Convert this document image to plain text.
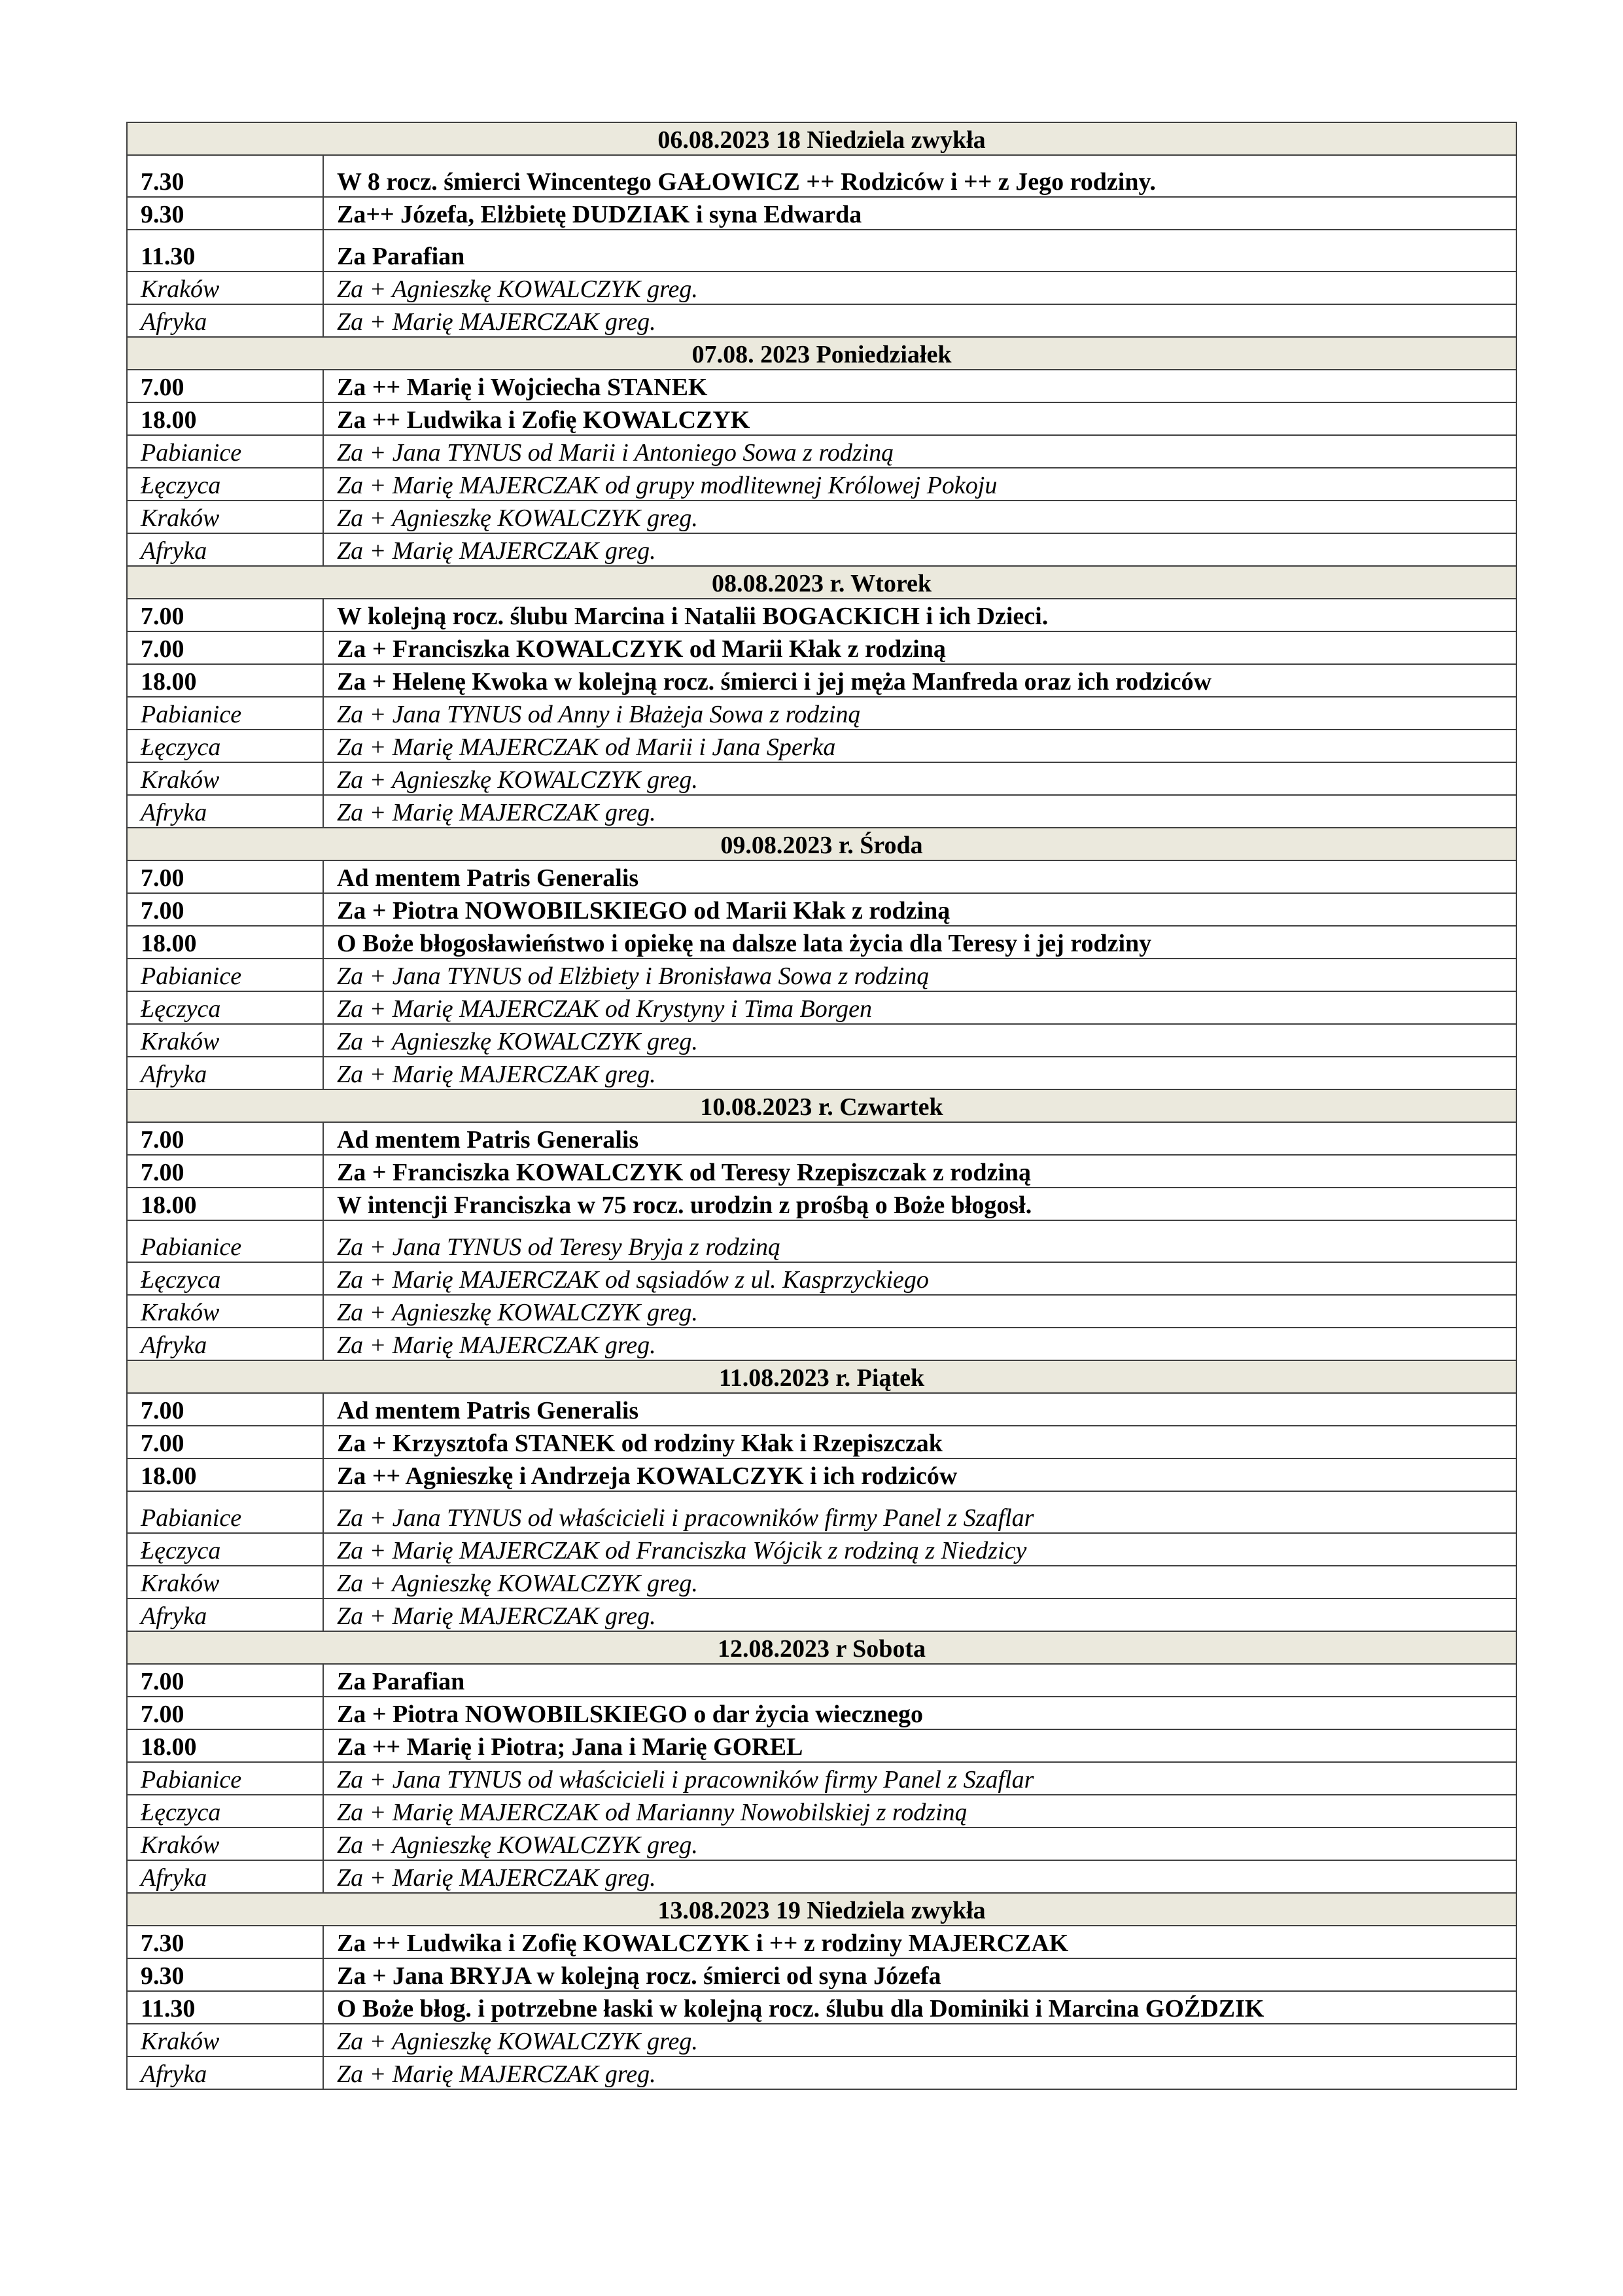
06.08.2023 18 Niedziela zwykła	
7.30	W 8 rocz. śmierci Wincentego GAŁOWICZ ++ Rodziców i ++ z Jego rodziny.
9.30	Za++ Józefa, Elżbietę DUDZIAK i syna Edwarda
11.30	Za Parafian
Kraków	Za + Agnieszkę KOWALCZYK greg.
Afryka	Za + Marię MAJERCZAK greg.
07.08. 2023 Poniedziałek	
7.00	Za ++ Marię i Wojciecha STANEK
18.00	Za ++ Ludwika i Zofię KOWALCZYK
Pabianice	Za + Jana TYNUS od Marii i Antoniego Sowa z rodziną
Łęczyca	Za + Marię MAJERCZAK od grupy modlitewnej Królowej Pokoju
Kraków	Za + Agnieszkę KOWALCZYK greg.
Afryka	Za + Marię MAJERCZAK greg.
08.08.2023 r. Wtorek	
7.00	W kolejną rocz. ślubu Marcina i Natalii BOGACKICH i ich Dzieci.
7.00	Za + Franciszka KOWALCZYK od Marii Kłak z rodziną
18.00	Za + Helenę Kwoka w kolejną rocz. śmierci i jej męża Manfreda oraz ich rodziców
Pabianice	Za + Jana TYNUS od Anny i Błażeja Sowa z rodziną
Łęczyca	Za + Marię MAJERCZAK od Marii i Jana Sperka
Kraków	Za + Agnieszkę KOWALCZYK greg.
Afryka	Za + Marię MAJERCZAK greg.
09.08.2023 r. Środa	
7.00	Ad mentem Patris Generalis
7.00	Za + Piotra NOWOBILSKIEGO od Marii Kłak z rodziną
18.00	O Boże błogosławieństwo i opiekę na dalsze lata życia dla Teresy i jej rodziny
Pabianice	Za + Jana TYNUS od Elżbiety i Bronisława Sowa z rodziną
Łęczyca	Za + Marię MAJERCZAK od Krystyny i Tima Borgen
Kraków	Za + Agnieszkę KOWALCZYK greg.
Afryka	Za + Marię MAJERCZAK greg.
10.08.2023 r. Czwartek	
7.00	Ad mentem Patris Generalis
7.00	Za + Franciszka KOWALCZYK od Teresy Rzepiszczak z rodziną
18.00	W intencji Franciszka w 75 rocz. urodzin z prośbą o Boże błogosł.
Pabianice	Za + Jana TYNUS od Teresy Bryja z rodziną
Łęczyca	Za + Marię MAJERCZAK od sąsiadów z ul. Kasprzyckiego
Kraków	Za + Agnieszkę KOWALCZYK greg.
Afryka	Za + Marię MAJERCZAK greg.
11.08.2023 r. Piątek	
7.00	Ad mentem Patris Generalis
7.00	Za + Krzysztofa STANEK od rodziny Kłak i Rzepiszczak
18.00	Za ++ Agnieszkę i Andrzeja KOWALCZYK i ich rodziców
Pabianice	Za + Jana TYNUS od właścicieli i pracowników firmy Panel z Szaflar
Łęczyca	Za + Marię MAJERCZAK od Franciszka Wójcik z rodziną z Niedzicy
Kraków	Za + Agnieszkę KOWALCZYK greg.
Afryka	Za + Marię MAJERCZAK greg.
12.08.2023 r Sobota	
7.00	Za Parafian
7.00	Za + Piotra NOWOBILSKIEGO o dar życia wiecznego
18.00	Za ++ Marię i Piotra; Jana i Marię GOREL
Pabianice	Za + Jana TYNUS od właścicieli i pracowników firmy Panel z Szaflar
Łęczyca	Za + Marię MAJERCZAK od Marianny Nowobilskiej z rodziną
Kraków	Za + Agnieszkę KOWALCZYK greg.
Afryka	Za + Marię MAJERCZAK greg.
13.08.2023 19 Niedziela zwykła	
7.30	Za ++ Ludwika i Zofię KOWALCZYK i ++ z rodziny MAJERCZAK
9.30	Za + Jana BRYJA w kolejną rocz. śmierci od syna Józefa
11.30	O Boże błog. i potrzebne łaski w kolejną rocz. ślubu dla Dominiki i Marcina GOŹDZIK
Kraków	Za + Agnieszkę KOWALCZYK greg.
Afryka	Za + Marię MAJERCZAK greg.
